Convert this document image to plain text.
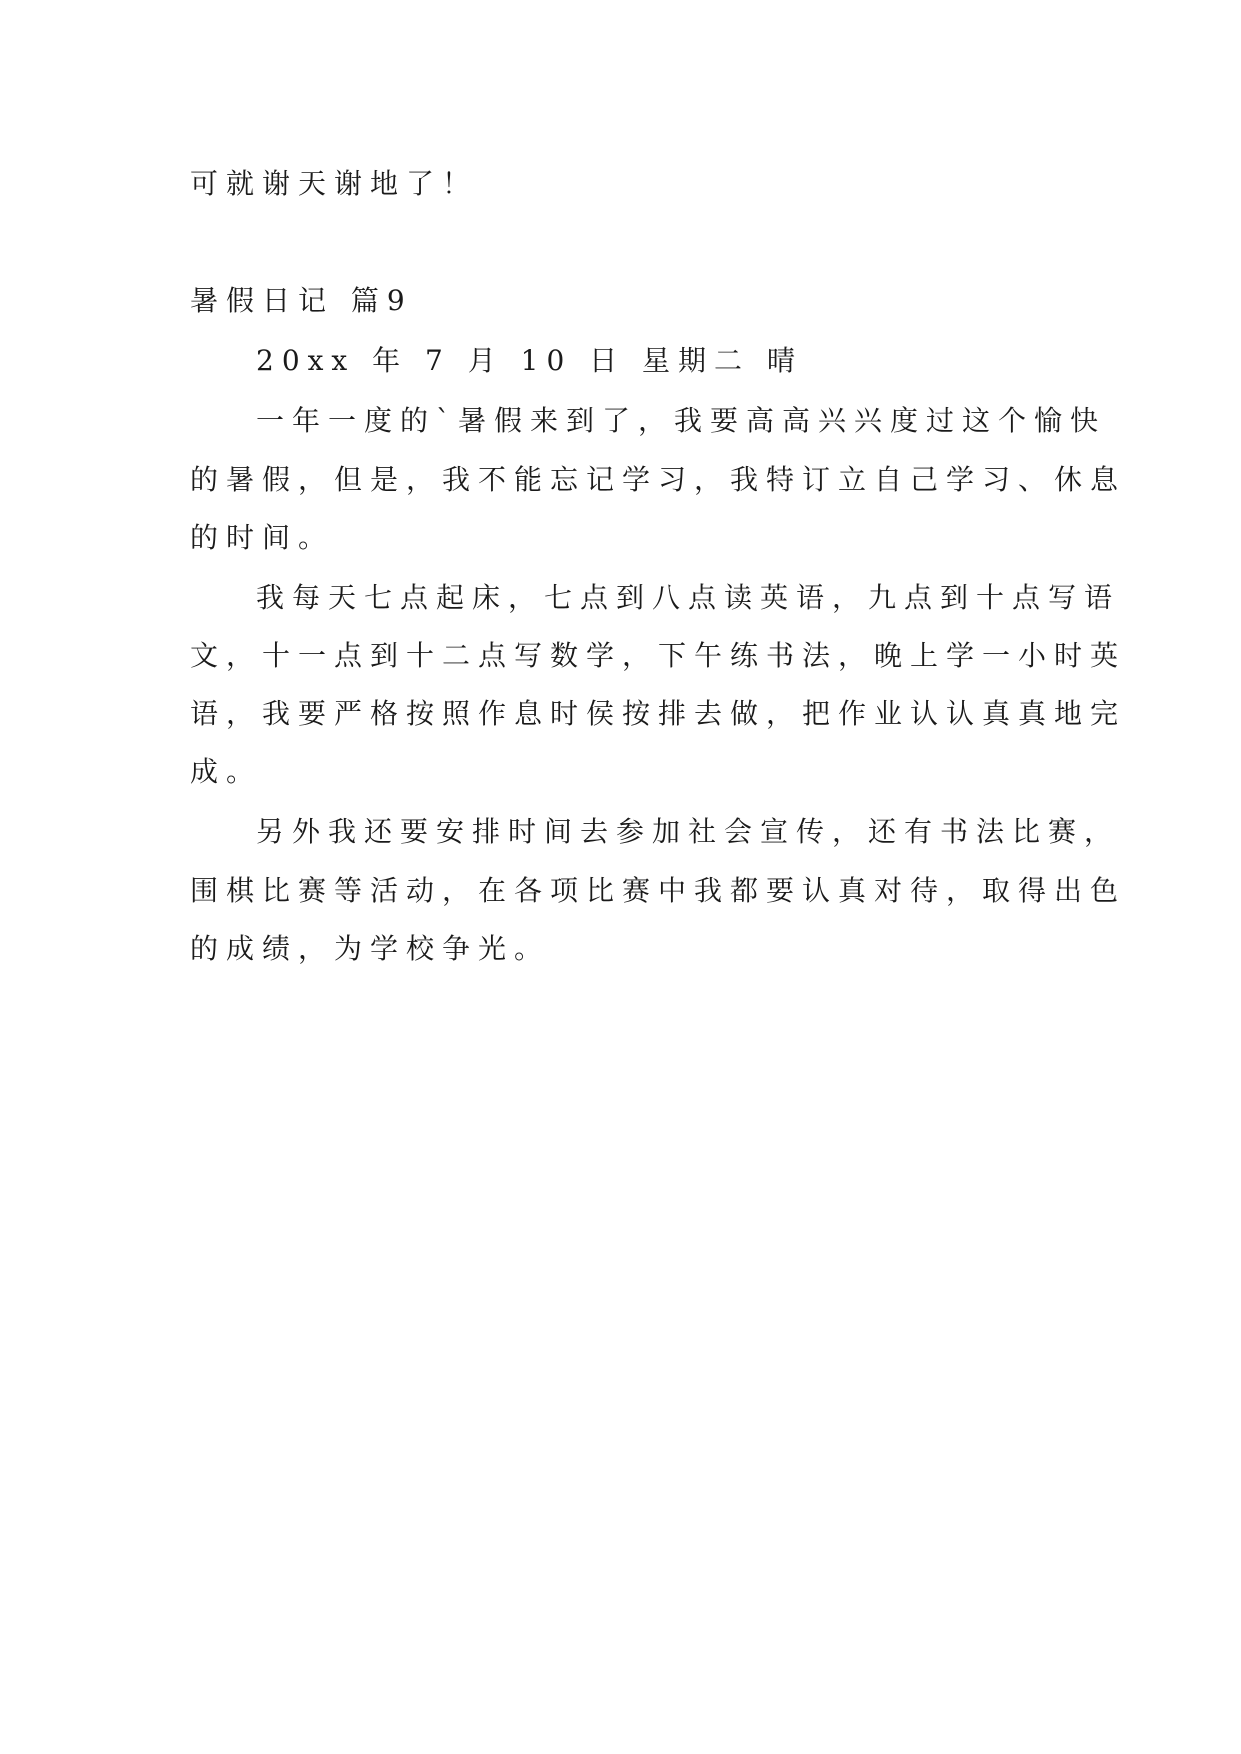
可就谢天谢地了！
暑假日记 篇9
20xx 年 7 月 10 日 星期二 晴
一年一度的`暑假来到了，我要高高兴兴度过这个愉快
的暑假，但是，我不能忘记学习，我特订立自己学习、休息
的时间。
我每天七点起床，七点到八点读英语，九点到十点写语
文，十一点到十二点写数学，下午练书法，晚上学一小时英
语，我要严格按照作息时侯按排去做，把作业认认真真地完
成。
另外我还要安排时间去参加社会宣传，还有书法比赛，
围棋比赛等活动，在各项比赛中我都要认真对待，取得出色
的成绩，为学校争光。
